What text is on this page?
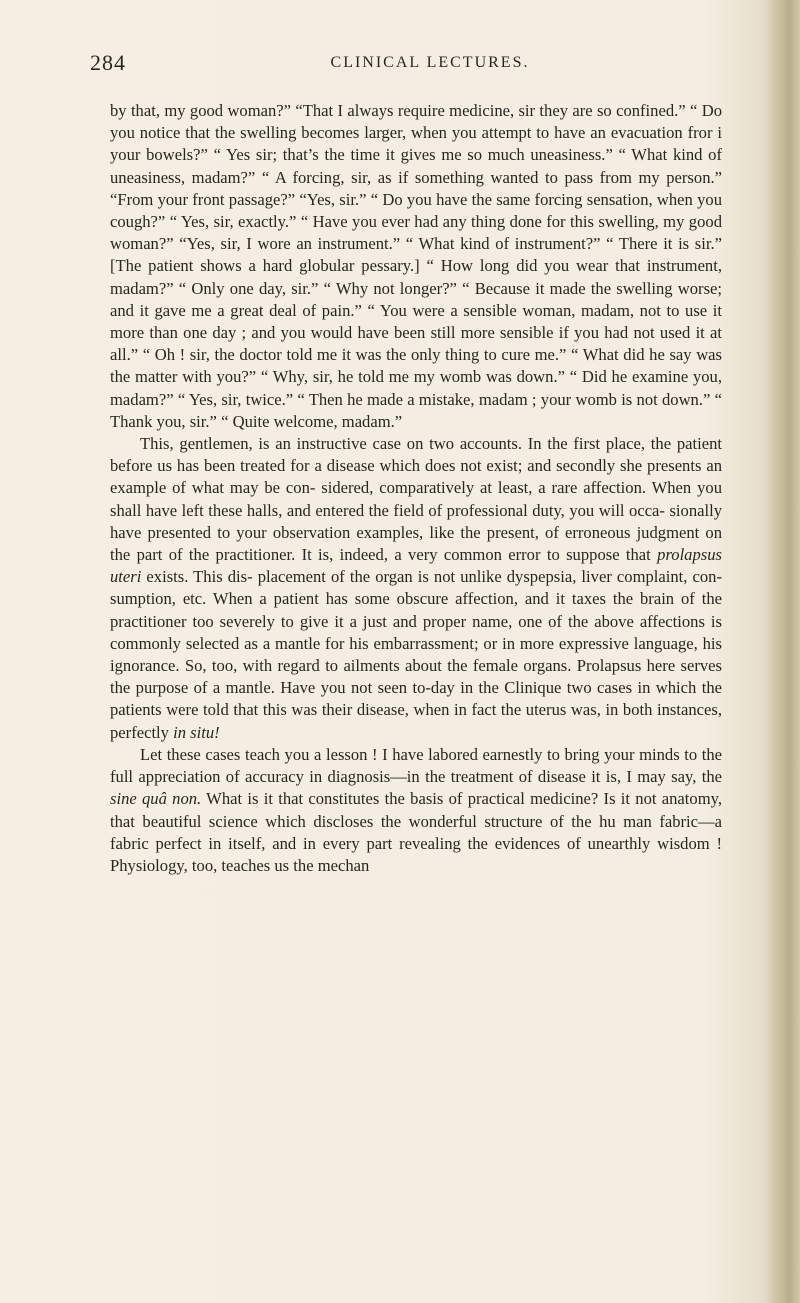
284	CLINICAL LECTURES.

by that, my good woman?” “That I always require medicine, sir they are so confined.” “ Do you notice that the swelling becomes larger, when you attempt to have an evacuation fror i your bowels?” “ Yes sir; that’s the time it gives me so much uneasiness.” “ What kind of uneasiness, madam?” “ A forcing, sir, as if something wanted to pass from my person.” “From your front passage?” “Yes, sir.” “ Do you have the same forcing sensation, when you cough?” “ Yes, sir, exactly.” “ Have you ever had any thing done for this swelling, my good woman?” “Yes, sir, I wore an instrument.” “ What kind of instrument?” “ There it is sir.” [The patient shows a hard globular pessary.] “ How long did you wear that instrument, madam?” “ Only one day, sir.” “ Why not longer?” “ Because it made the swelling worse; and it gave me a great deal of pain.” “ You were a sensible woman, madam, not to use it more than one day ; and you would have been still more sensible if you had not used it at all.” “ Oh ! sir, the doctor told me it was the only thing to cure me.” “ What did he say was the matter with you?” “ Why, sir, he told me my womb was down.” “ Did he examine you, madam?” “ Yes, sir, twice.” “ Then he made a mistake, madam ; your womb is not down.” “ Thank you, sir.” “ Quite welcome, madam.”

This, gentlemen, is an instructive case on two accounts. In the first place, the patient before us has been treated for a disease which does not exist; and secondly she presents an example of what may be con- sidered, comparatively at least, a rare affection. When you shall have left these halls, and entered the field of professional duty, you will occa- sionally have presented to your observation examples, like the present, of erroneous judgment on the part of the practitioner. It is, indeed, a very common error to suppose that prolapsus uteri exists. This dis- placement of the organ is not unlike dyspepsia, liver complaint, con- sumption, etc. When a patient has some obscure affection, and it taxes the brain of the practitioner too severely to give it a just and proper name, one of the above affections is commonly selected as a mantle for his embarrassment; or in more expressive language, his ignorance. So, too, with regard to ailments about the female organs. Prolapsus here serves the purpose of a mantle. Have you not seen to-day in the Clinique two cases in which the patients were told that this was their disease, when in fact the uterus was, in both instances, perfectly in situ!

Let these cases teach you a lesson ! I have labored earnestly to bring your minds to the full appreciation of accuracy in diagnosis—in the treatment of disease it is, I may say, the sine quâ non. What is it that constitutes the basis of practical medicine? Is it not anatomy, that beautiful science which discloses the wonderful structure of the hu man fabric—a fabric perfect in itself, and in every part revealing the evidences of unearthly wisdom ! Physiology, too, teaches us the mechan
